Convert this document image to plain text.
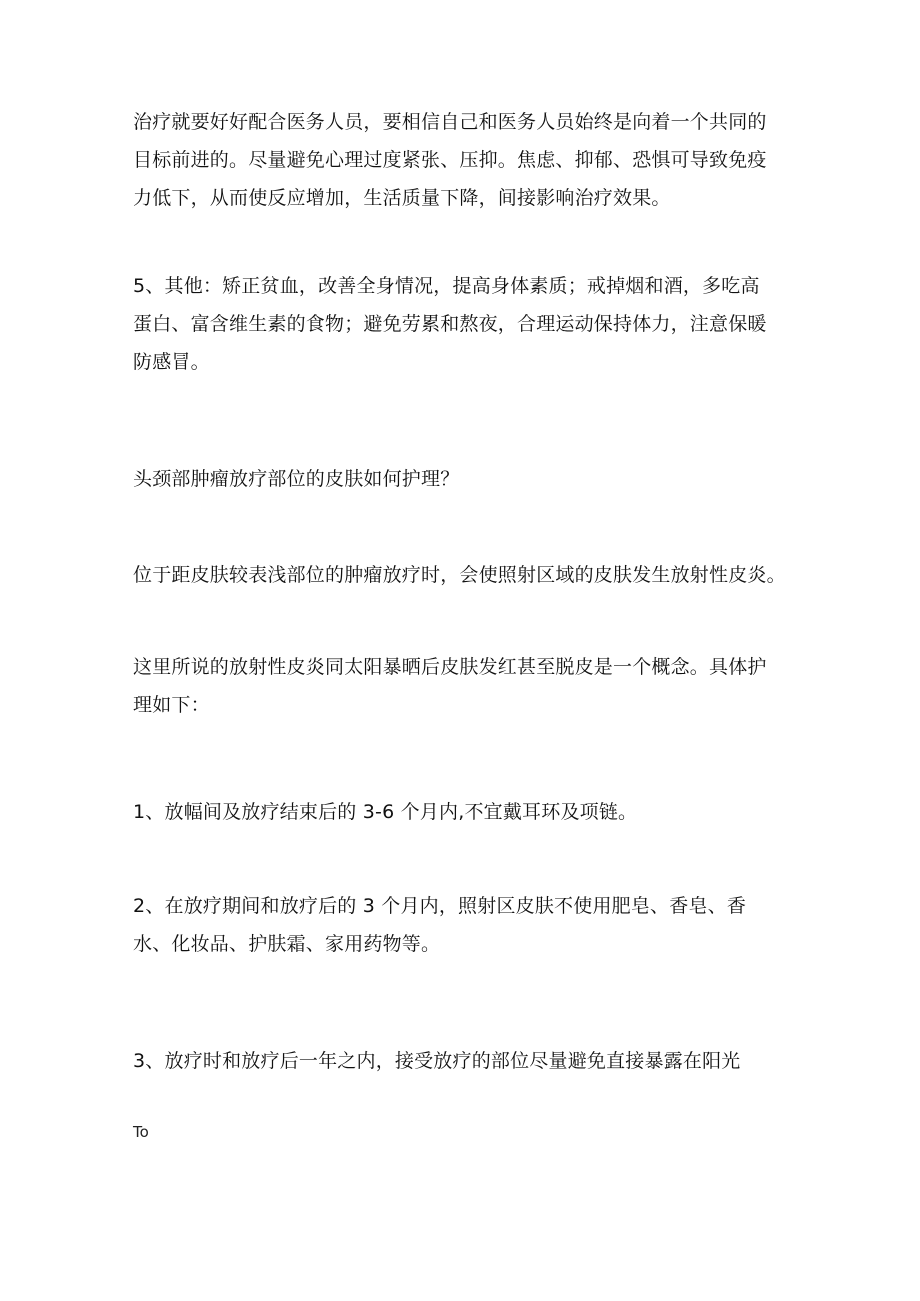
治疗就要好好配合医务人员，要相信自己和医务人员始终是向着一个共同的
目标前进的。尽量避免心理过度紧张、压抑。焦虑、抑郁、恐惧可导致免疫
力低下，从而使反应增加，生活质量下降，间接影响治疗效果。

5、其他：矫正贫血，改善全身情况，提高身体素质；戒掉烟和酒，多吃高
蛋白、富含维生素的食物；避免劳累和熬夜，合理运动保持体力，注意保暖
防感冒。

头颈部肿瘤放疗部位的皮肤如何护理？

位于距皮肤较表浅部位的肿瘤放疗时，会使照射区域的皮肤发生放射性皮炎。

这里所说的放射性皮炎同太阳暴晒后皮肤发红甚至脱皮是一个概念。具体护
理如下：

1、放幅间及放疗结束后的 3-6 个月内,不宜戴耳环及项链。

2、在放疗期间和放疗后的 3 个月内，照射区皮肤不使用肥皂、香皂、香
水、化妆品、护肤霜、家用药物等。

3、放疗时和放疗后一年之内，接受放疗的部位尽量避免直接暴露在阳光

To
